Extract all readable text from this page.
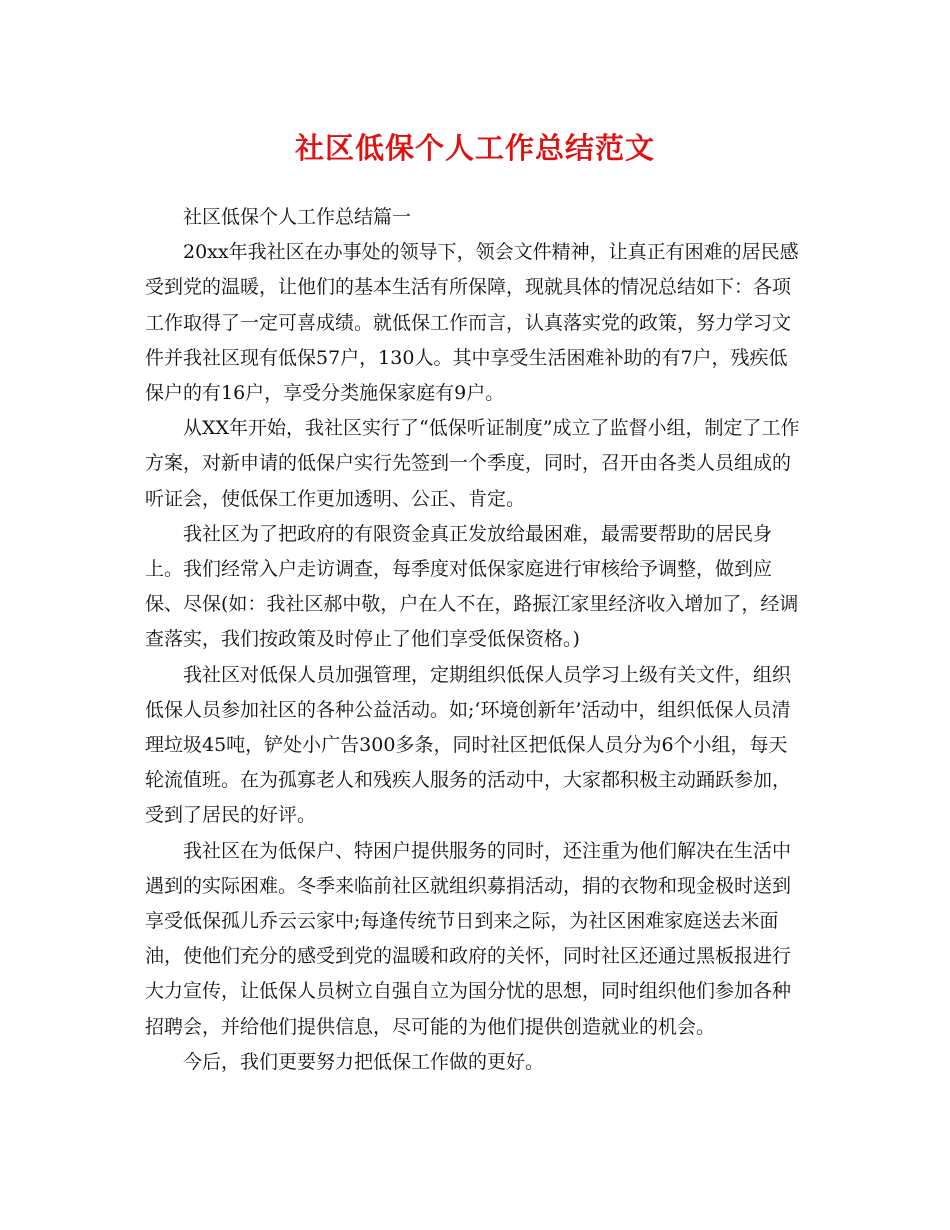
社区低保个人工作总结范文

社区低保个人工作总结篇一

20xx年我社区在办事处的领导下，领会文件精神，让真正有困难的居民感受到党的温暖，让他们的基本生活有所保障，现就具体的情况总结如下：各项工作取得了一定可喜成绩。就低保工作而言，认真落实党的政策，努力学习文件并我社区现有低保57户，130人。其中享受生活困难补助的有7户，残疾低保户的有16户，享受分类施保家庭有9户。

从XX年开始，我社区实行了“低保听证制度”成立了监督小组，制定了工作方案，对新申请的低保户实行先签到一个季度，同时，召开由各类人员组成的听证会，使低保工作更加透明、公正、肯定。

我社区为了把政府的有限资金真正发放给最困难，最需要帮助的居民身上。我们经常入户走访调查，每季度对低保家庭进行审核给予调整，做到应保、尽保(如：我社区郝中敬，户在人不在，路振江家里经济收入增加了，经调查落实，我们按政策及时停止了他们享受低保资格。)

我社区对低保人员加强管理，定期组织低保人员学习上级有关文件，组织低保人员参加社区的各种公益活动。如;‘环境创新年’活动中，组织低保人员清理垃圾45吨，铲处小广告300多条，同时社区把低保人员分为6个小组，每天轮流值班。在为孤寡老人和残疾人服务的活动中，大家都积极主动踊跃参加，受到了居民的好评。

我社区在为低保户、特困户提供服务的同时，还注重为他们解决在生活中遇到的实际困难。冬季来临前社区就组织募捐活动，捐的衣物和现金极时送到享受低保孤儿乔云云家中;每逢传统节日到来之际，为社区困难家庭送去米面油，使他们充分的感受到党的温暖和政府的关怀，同时社区还通过黑板报进行大力宣传，让低保人员树立自强自立为国分忧的思想，同时组织他们参加各种招聘会，并给他们提供信息，尽可能的为他们提供创造就业的机会。

今后，我们更要努力把低保工作做的更好。
